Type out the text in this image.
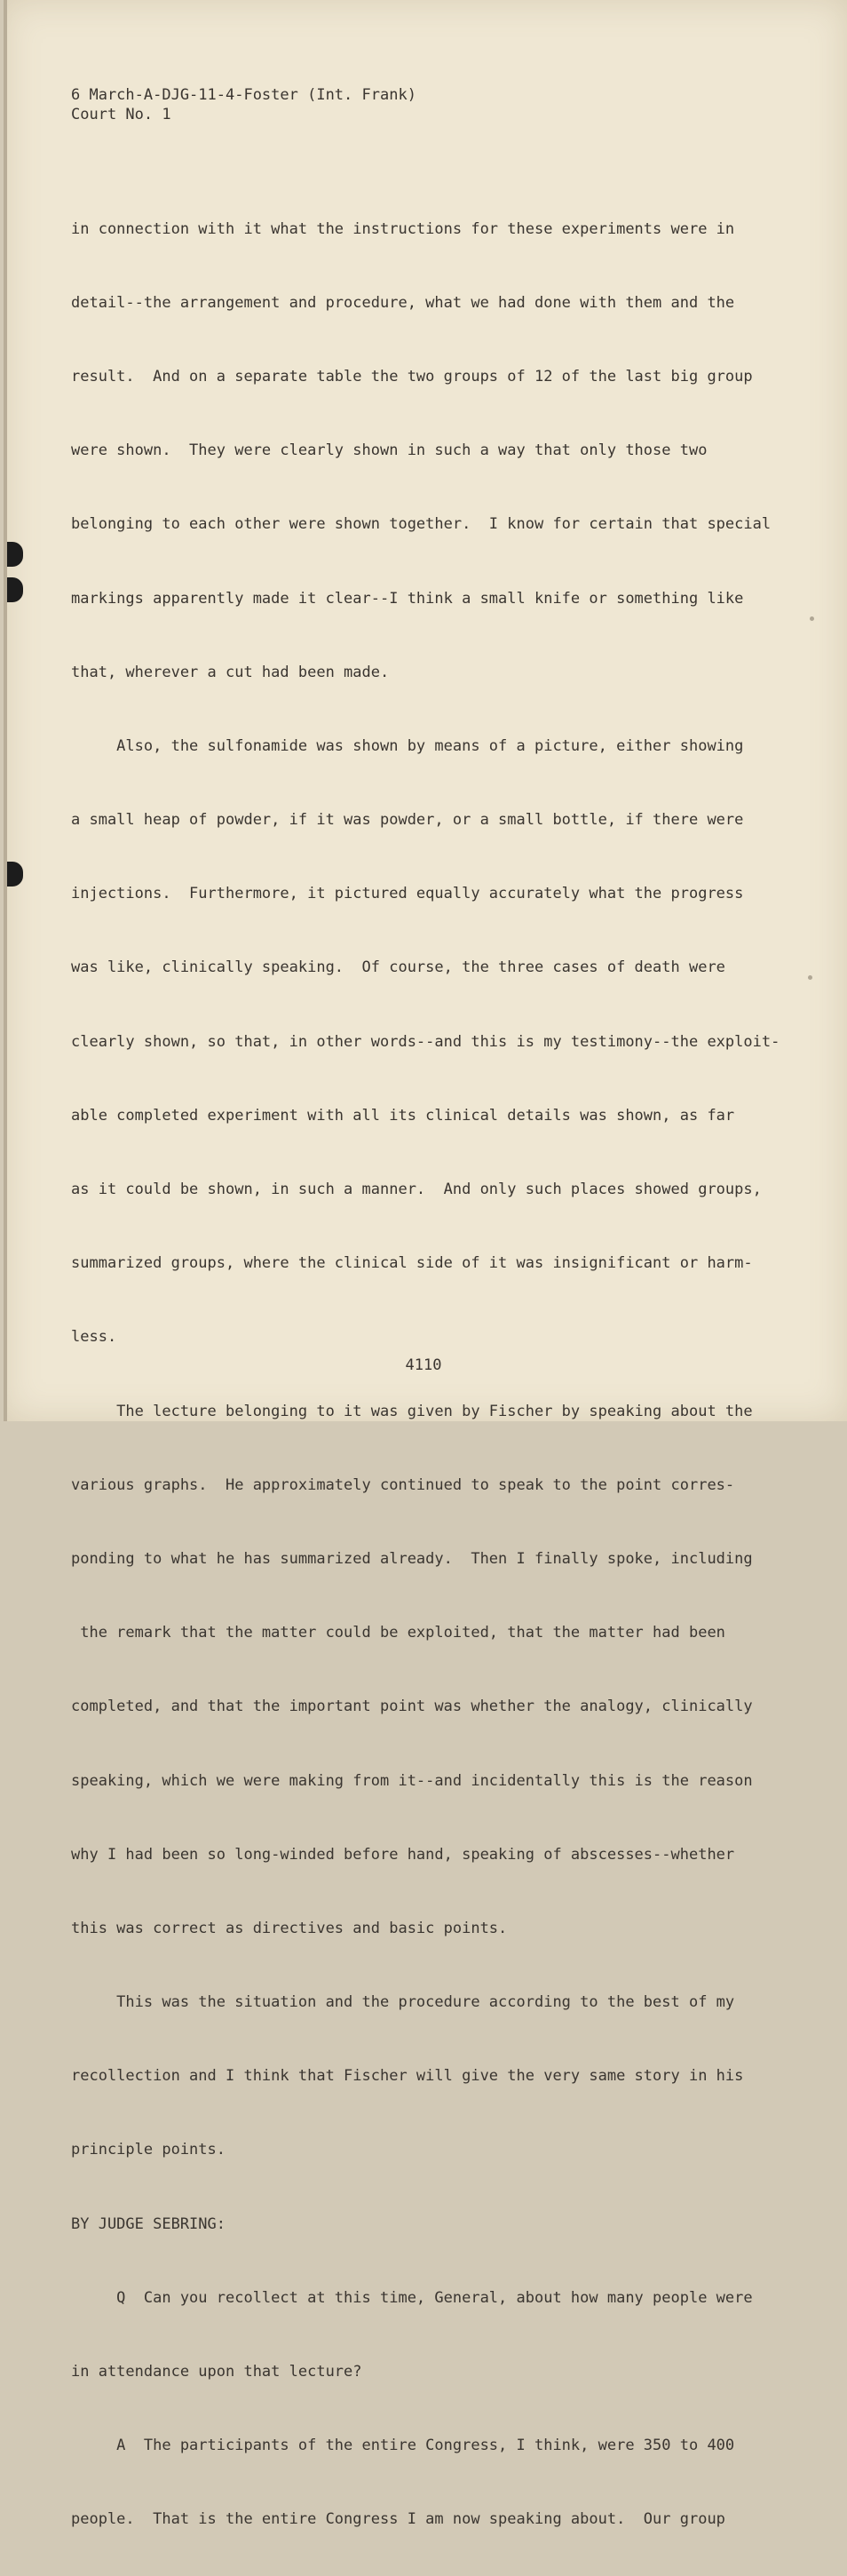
6 March-A-DJG-11-4-Foster (Int. Frank)
Court No. 1

in connection with it what the instructions for these experiments were in

detail--the arrangement and procedure, what we had done with them and the

result.  And on a separate table the two groups of 12 of the last big group

were shown.  They were clearly shown in such a way that only those two

belonging to each other were shown together.  I know for certain that special

markings apparently made it clear--I think a small knife or something like

that, wherever a cut had been made.

Also, the sulfonamide was shown by means of a picture, either showing

a small heap of powder, if it was powder, or a small bottle, if there were

injections.  Furthermore, it pictured equally accurately what the progress

was like, clinically speaking.  Of course, the three cases of death were

clearly shown, so that, in other words--and this is my testimony--the exploit-

able completed experiment with all its clinical details was shown, as far

as it could be shown, in such a manner.  And only such places showed groups,

summarized groups, where the clinical side of it was insignificant or harm-

less.

The lecture belonging to it was given by Fischer by speaking about the

various graphs.  He approximately continued to speak to the point corres-

ponding to what he has summarized already.  Then I finally spoke, including

the remark that the matter could be exploited, that the matter had been

completed, and that the important point was whether the analogy, clinically

speaking, which we were making from it--and incidentally this is the reason

why I had been so long-winded before hand, speaking of abscesses--whether

this was correct as directives and basic points.

This was the situation and the procedure according to the best of my

recollection and I think that Fischer will give the very same story in his

principle points.

BY JUDGE SEBRING:

Q  Can you recollect at this time, General, about how many people were

in attendance upon that lecture?

A  The participants of the entire Congress, I think, were 350 to 400

people.  That is the entire Congress I am now speaking about.  Our group

4110
